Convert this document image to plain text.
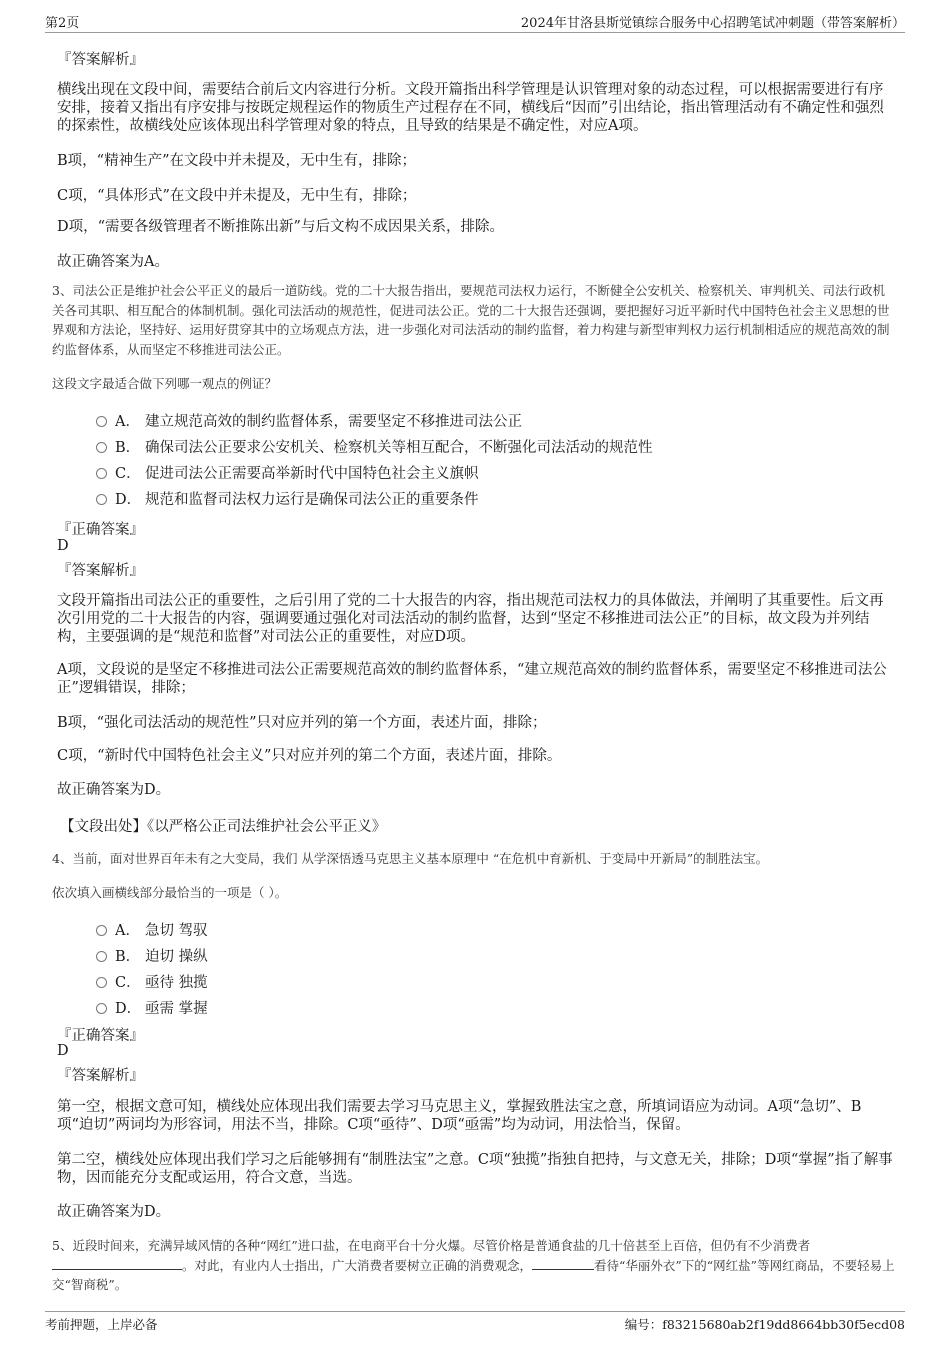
第2页	2024年甘洛县斯觉镇综合服务中心招聘笔试冲刺题（带答案解析）
『答案解析』
横线出现在文段中间，需要结合前后文内容进行分析。文段开篇指出科学管理是认识管理对象的动态过程，可以根据需要进行有序安排，接着又指出有序安排与按既定规程运作的物质生产过程存在不同，横线后“因而”引出结论，指出管理活动有不确定性和强烈的探索性，故横线处应该体现出科学管理对象的特点，且导致的结果是不确定性，对应A项。
B项，“精神生产”在文段中并未提及，无中生有，排除；
C项，“具体形式”在文段中并未提及，无中生有，排除；
D项，“需要各级管理者不断推陈出新”与后文构不成因果关系，排除。
故正确答案为A。
3、司法公正是维护社会公平正义的最后一道防线。党的二十大报告指出，要规范司法权力运行，不断健全公安机关、检察机关、审判机关、司法行政机关各司其职、相互配合的体制机制。强化司法活动的规范性，促进司法公正。党的二十大报告还强调，要把握好习近平新时代中国特色社会主义思想的世界观和方法论，坚持好、运用好贯穿其中的立场观点方法，进一步强化对司法活动的制约监督，着力构建与新型审判权力运行机制相适应的规范高效的制约监督体系，从而坚定不移推进司法公正。
这段文字最适合做下列哪一观点的例证？
A． 建立规范高效的制约监督体系，需要坚定不移推进司法公正
B． 确保司法公正要求公安机关、检察机关等相互配合，不断强化司法活动的规范性
C． 促进司法公正需要高举新时代中国特色社会主义旗帜
D． 规范和监督司法权力运行是确保司法公正的重要条件
『正确答案』
D
『答案解析』
文段开篇指出司法公正的重要性，之后引用了党的二十大报告的内容，指出规范司法权力的具体做法，并阐明了其重要性。后文再次引用党的二十大报告的内容，强调要通过强化对司法活动的制约监督，达到“坚定不移推进司法公正”的目标，故文段为并列结构，主要强调的是“规范和监督”对司法公正的重要性，对应D项。
A项，文段说的是坚定不移推进司法公正需要规范高效的制约监督体系，“建立规范高效的制约监督体系，需要坚定不移推进司法公正”逻辑错误，排除；
B项，“强化司法活动的规范性”只对应并列的第一个方面，表述片面，排除；
C项，“新时代中国特色社会主义”只对应并列的第二个方面，表述片面，排除。
故正确答案为D。
【文段出处】《以严格公正司法维护社会公平正义》
4、当前，面对世界百年未有之大变局，我们 从学深悟透马克思主义基本原理中 “在危机中育新机、于变局中开新局”的制胜法宝。
依次填入画横线部分最恰当的一项是（ ）。
A． 急切 驾驭
B． 迫切 操纵
C． 亟待 独揽
D． 亟需 掌握
『正确答案』
D
『答案解析』
第一空，根据文意可知，横线处应体现出我们需要去学习马克思主义，掌握致胜法宝之意，所填词语应为动词。A项“急切”、B项“迫切”两词均为形容词，用法不当，排除。C项“亟待”、D项“亟需”均为动词，用法恰当，保留。
第二空，横线处应体现出我们学习之后能够拥有“制胜法宝”之意。C项“独揽”指独自把持，与文意无关，排除；D项“掌握”指了解事物，因而能充分支配或运用，符合文意，当选。
故正确答案为D。
5、近段时间来，充满异域风情的各种“网红”进口盐，在电商平台十分火爆。尽管价格是普通食盐的几十倍甚至上百倍，但仍有不少消费者。对此，有业内人士指出，广大消费者要树立正确的消费观念，	看待“华丽外衣”下的“网红盐”等网红商品，不要轻易上交“智商税”。
考前押题，上岸必备	编号：f83215680ab2f19dd8664bb30f5ecd08
